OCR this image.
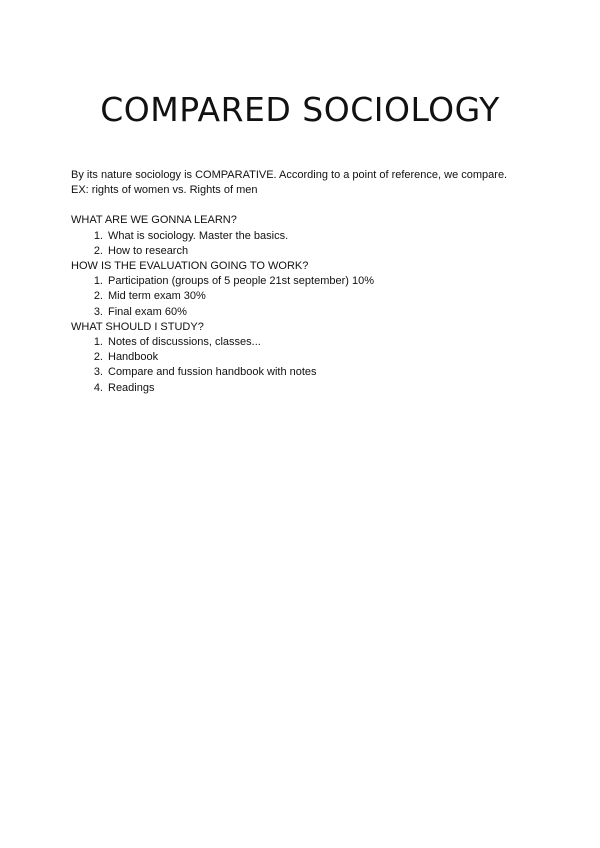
COMPARED SOCIOLOGY

By its nature sociology is COMPARATIVE. According to a point of reference, we compare.

EX: rights of women vs. Rights of men

WHAT ARE WE GONNA LEARN?

1. What is sociology. Master the basics.
2. How to research

HOW IS THE EVALUATION GOING TO WORK?

1. Participation (groups of 5 people 21st september) 10%
2. Mid term exam 30%
3. Final exam 60%

WHAT SHOULD I STUDY?

1. Notes of discussions, classes...
2. Handbook
3. Compare and fussion handbook with notes
4. Readings
